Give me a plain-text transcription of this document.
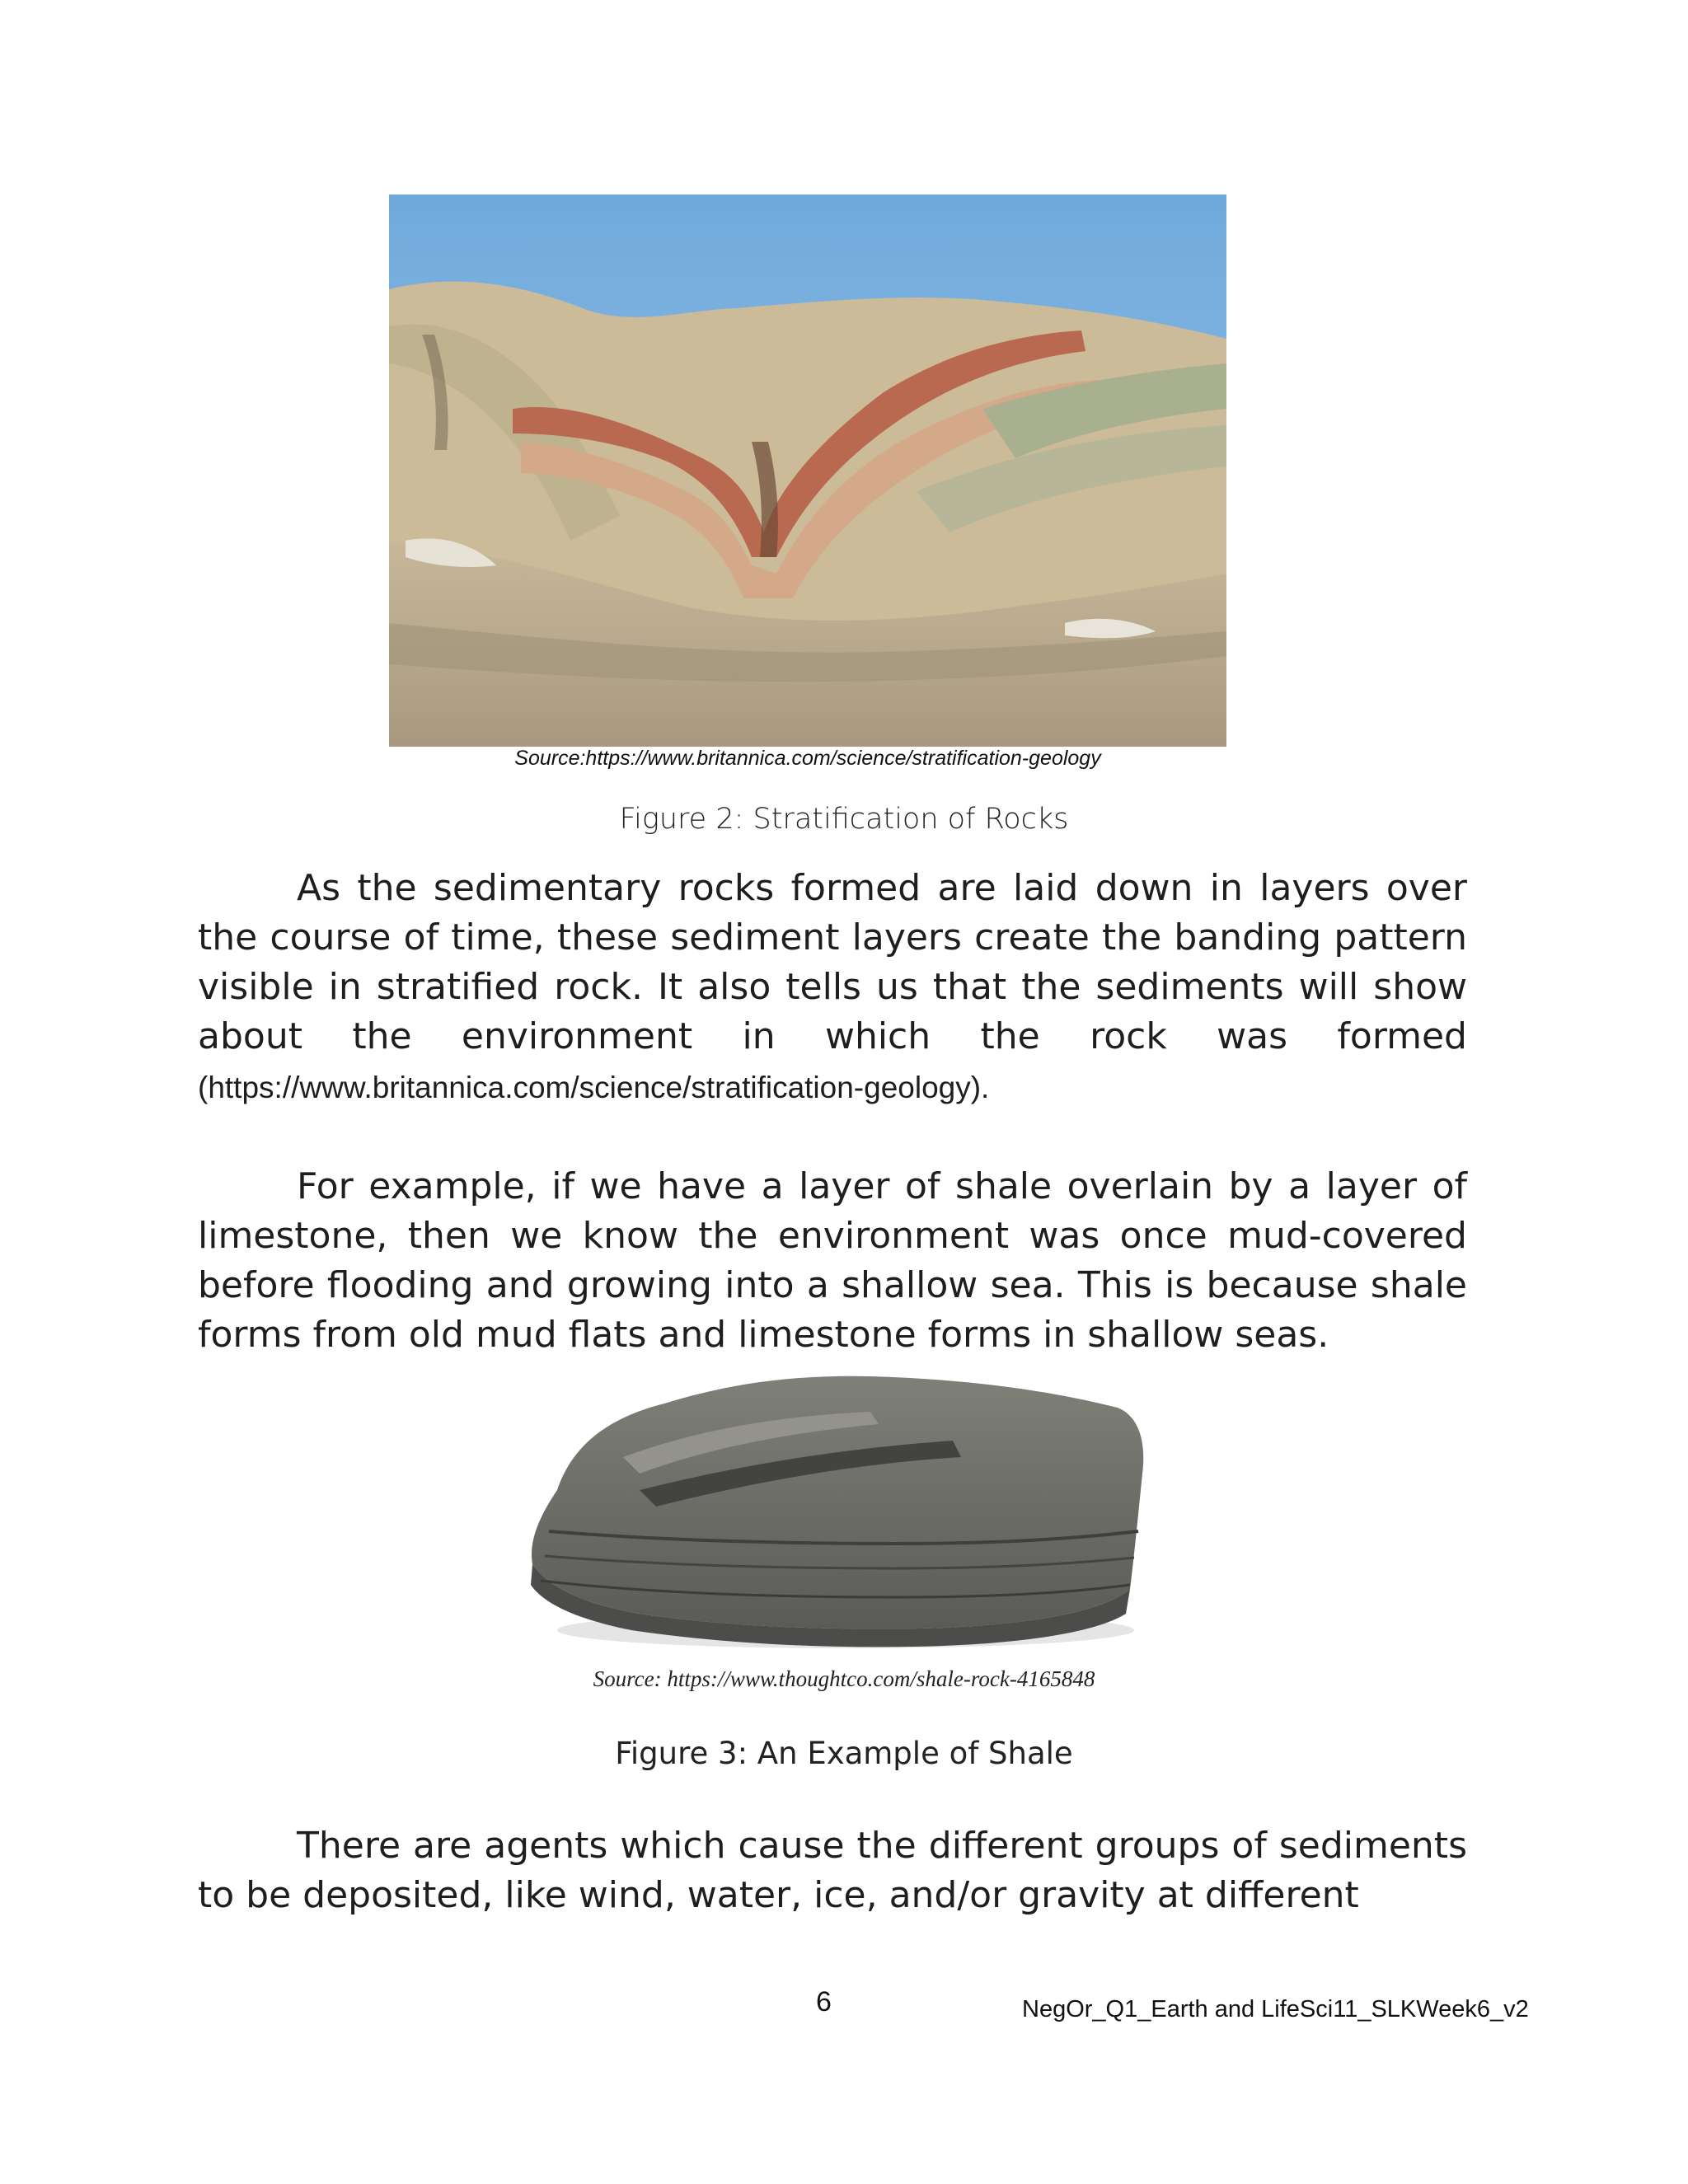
Source:https://www.britannica.com/science/stratification-geology
Figure 2: Stratification of Rocks

As the sedimentary rocks formed are laid down in layers over the course of time, these sediment layers create the banding pattern visible in stratified rock. It also tells us that the sediments will show about the environment in which the rock was formed (https://www.britannica.com/science/stratification-geology).

For example, if we have a layer of shale overlain by a layer of limestone, then we know the environment was once mud-covered before flooding and growing into a shallow sea. This is because shale forms from old mud flats and limestone forms in shallow seas.

Source: https://www.thoughtco.com/shale-rock-4165848
Figure 3: An Example of Shale

There are agents which cause the different groups of sediments to be deposited, like wind, water, ice, and/or gravity at different

6	NegOr_Q1_Earth and LifeSci11_SLKWeek6_v2
